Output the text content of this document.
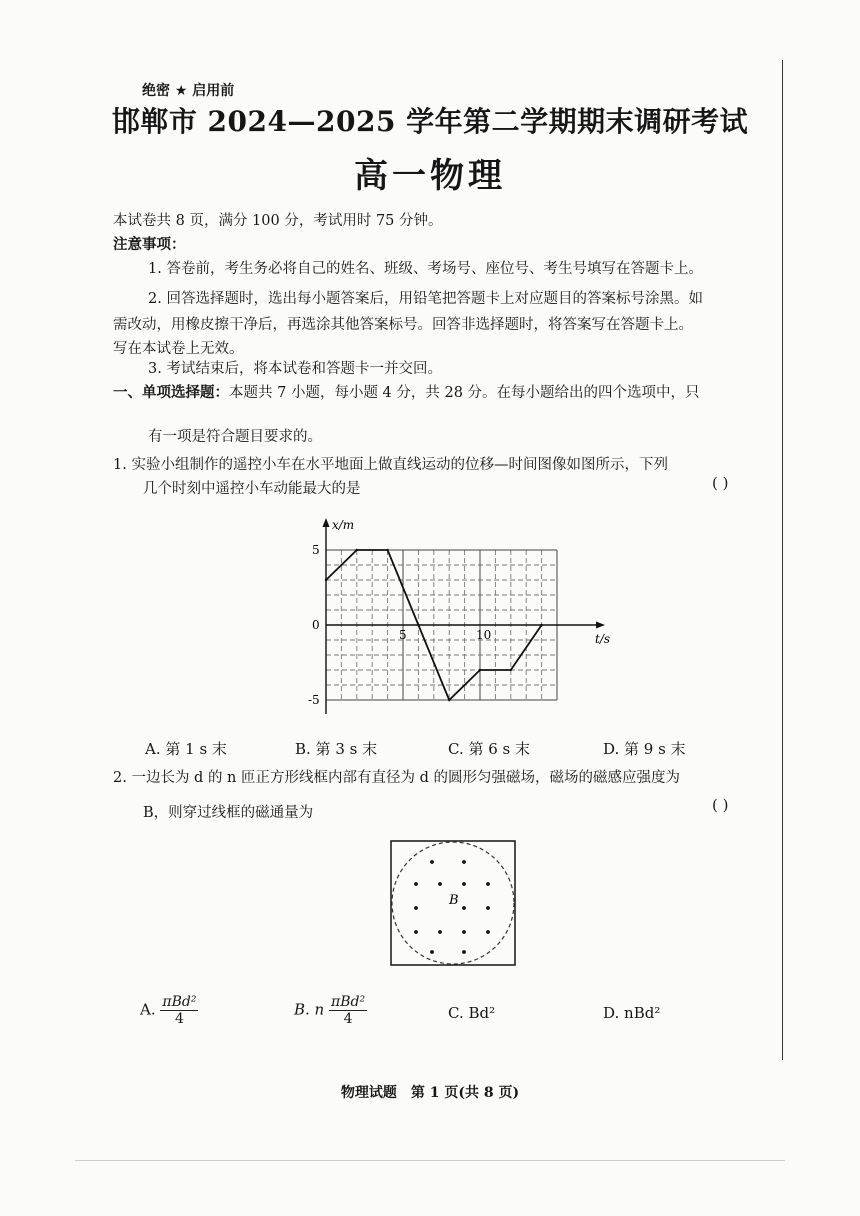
绝密 ★ 启用前
邯郸市 2024—2025 学年第二学期期末调研考试
高一物理
本试卷共 8 页，满分 100 分，考试用时 75 分钟。
注意事项：
1. 答卷前，考生务必将自己的姓名、班级、考场号、座位号、考生号填写在答题卡上。
2. 回答选择题时，选出每小题答案后，用铅笔把答题卡上对应题目的答案标号涂黑。如
需改动，用橡皮擦干净后，再选涂其他答案标号。回答非选择题时，将答案写在答题卡上。
写在本试卷上无效。
3. 考试结束后，将本试卷和答题卡一并交回。
一、单项选择题：本题共 7 小题，每小题 4 分，共 28 分。在每小题给出的四个选项中，只
有一项是符合题目要求的。
1. 实验小组制作的遥控小车在水平地面上做直线运动的位移—时间图像如图所示，下列
几个时刻中遥控小车动能最大的是	( )
5	10
5
0
-5
x/m
t/s
A. 第 1 s 末	B. 第 3 s 末	C. 第 6 s 末	D. 第 9 s 末
2. 一边长为 d 的 n 匝正方形线框内部有直径为 d 的圆形匀强磁场，磁场的磁感应强度为
B，则穿过线框的磁通量为	( )
B
A. $\frac{\text{πBd²}}{4}$	B. n $\frac{\text{πBd²}}{4}$	C. Bd²	D. nBd²
物理试题　第 1 页(共 8 页)
